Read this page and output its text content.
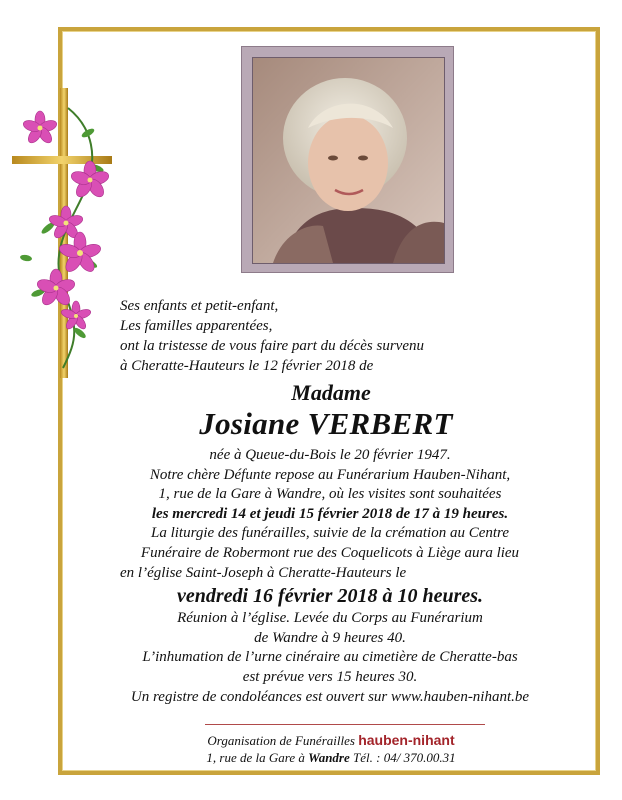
Ses enfants et petit-enfant,
Les familles apparentées,
ont la tristesse de vous faire part du décès survenu
à Cheratte-Hauteurs le 12 février 2018 de
Madame
Josiane VERBERT
née à Queue-du-Bois le 20 février 1947.
Notre chère Défunte repose au Funérarium Hauben-Nihant,
1, rue de la Gare à Wandre, où les visites sont souhaitées
les mercredi 14 et jeudi 15 février 2018 de 17 à 19 heures.
La liturgie des funérailles, suivie de la crémation au Centre
Funéraire de Robermont rue des Coquelicots à Liège aura lieu
en l’église Saint-Joseph à Cheratte-Hauteurs le
vendredi 16 février 2018 à 10 heures.
Réunion à l’église. Levée du Corps au Funérarium
de Wandre à 9 heures 40.
L’inhumation de l’urne cinéraire au cimetière de Cheratte-bas
est prévue vers 15 heures 30.
Un registre de condoléances est ouvert sur www.hauben-nihant.be
Organisation de Funérailles hauben-nihant
1, rue de la Gare à Wandre Tél. : 04/ 370.00.31
